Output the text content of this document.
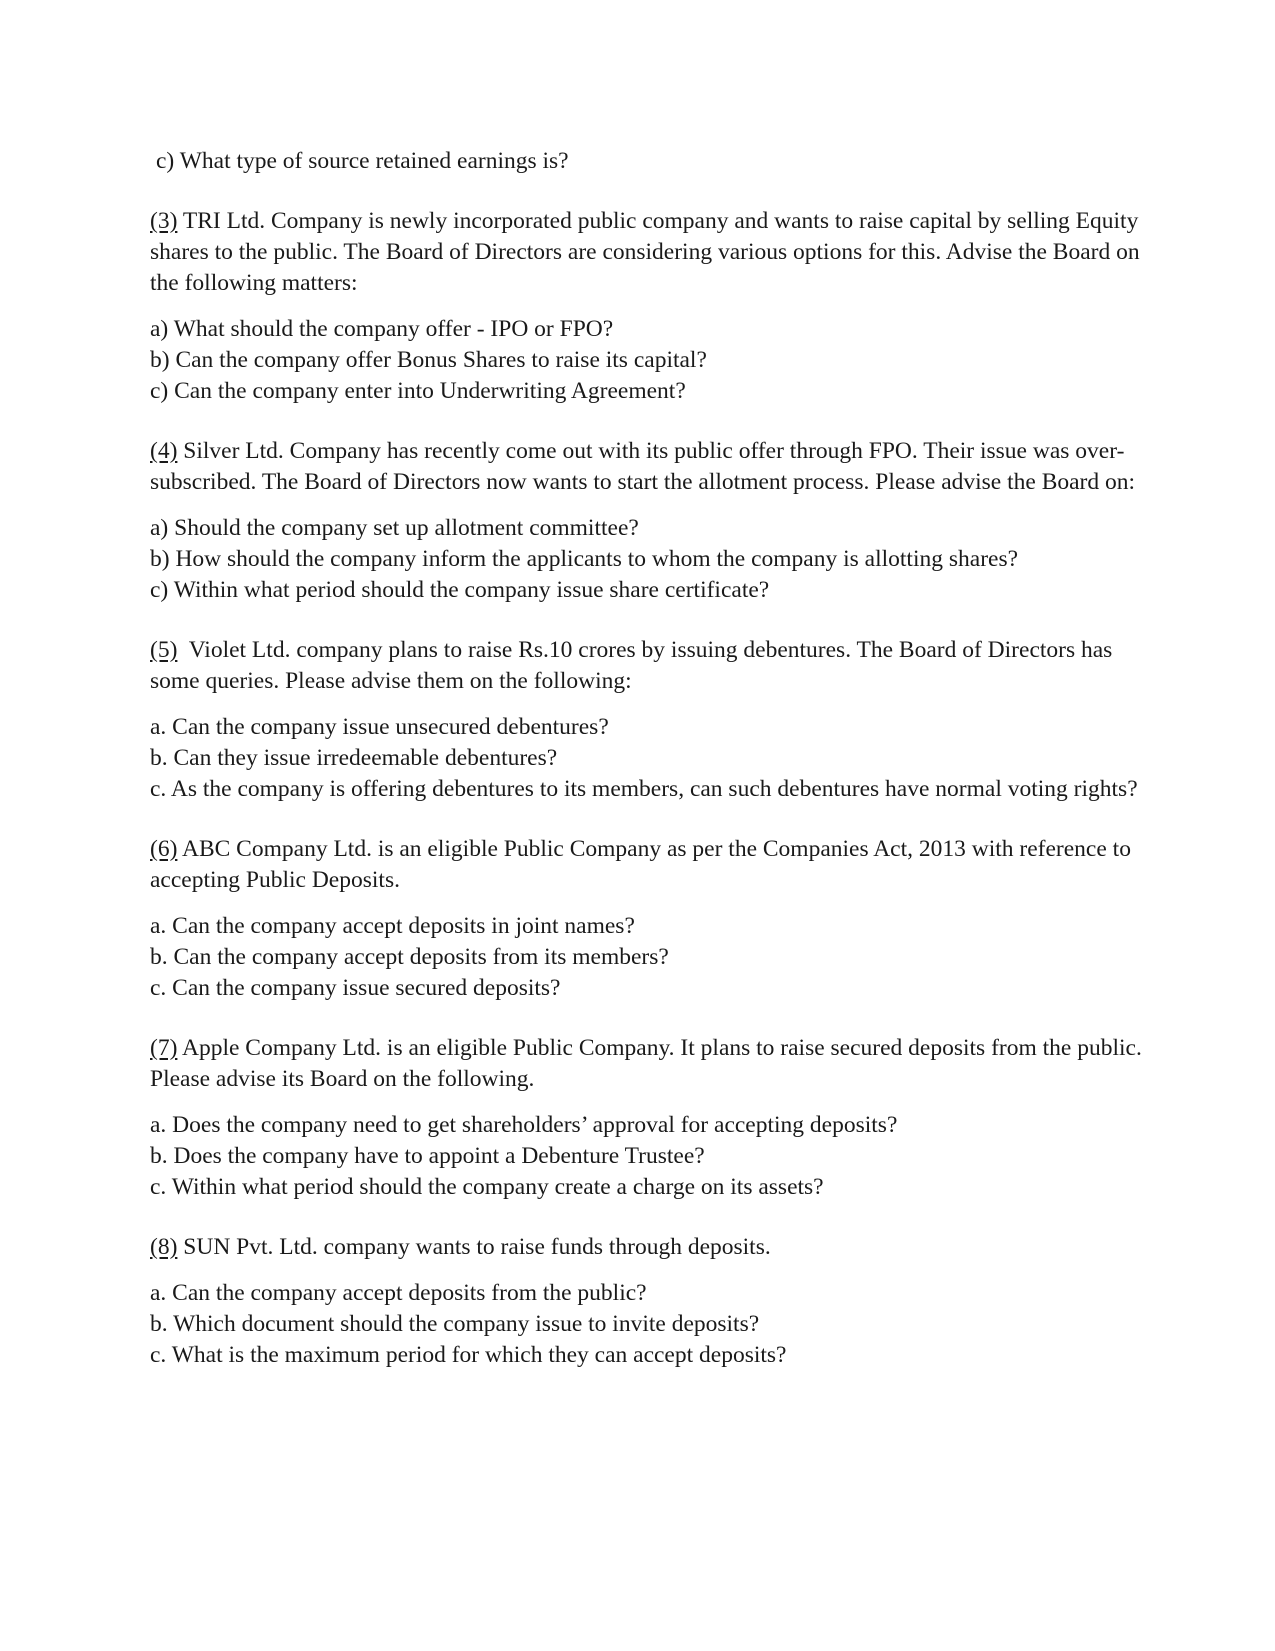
c) What type of source retained earnings is?

(3) TRI Ltd. Company is newly incorporated public company and wants to raise capital by selling Equity shares to the public. The Board of Directors are considering various options for this. Advise the Board on the following matters:

a) What should the company offer - IPO or FPO?

b) Can the company offer Bonus Shares to raise its capital?

c) Can the company enter into Underwriting Agreement?

(4) Silver Ltd. Company has recently come out with its public offer through FPO. Their issue was over-subscribed. The Board of Directors now wants to start the allotment process. Please advise the Board on:

a) Should the company set up allotment committee?

b) How should the company inform the applicants to whom the company is allotting shares?

c) Within what period should the company issue share certificate?

(5)  Violet Ltd. company plans to raise Rs.10 crores by issuing debentures. The Board of Directors has some queries. Please advise them on the following:

a. Can the company issue unsecured debentures?

b. Can they issue irredeemable debentures?

c. As the company is offering debentures to its members, can such debentures have normal voting rights?

(6) ABC Company Ltd. is an eligible Public Company as per the Companies Act, 2013 with reference to accepting Public Deposits.

a. Can the company accept deposits in joint names?

b. Can the company accept deposits from its members?

c. Can the company issue secured deposits?

(7) Apple Company Ltd. is an eligible Public Company. It plans to raise secured deposits from the public. Please advise its Board on the following.

a. Does the company need to get shareholders’ approval for accepting deposits?

b. Does the company have to appoint a Debenture Trustee?

c. Within what period should the company create a charge on its assets?

(8) SUN Pvt. Ltd. company wants to raise funds through deposits.

a. Can the company accept deposits from the public?

b. Which document should the company issue to invite deposits?

c. What is the maximum period for which they can accept deposits?
